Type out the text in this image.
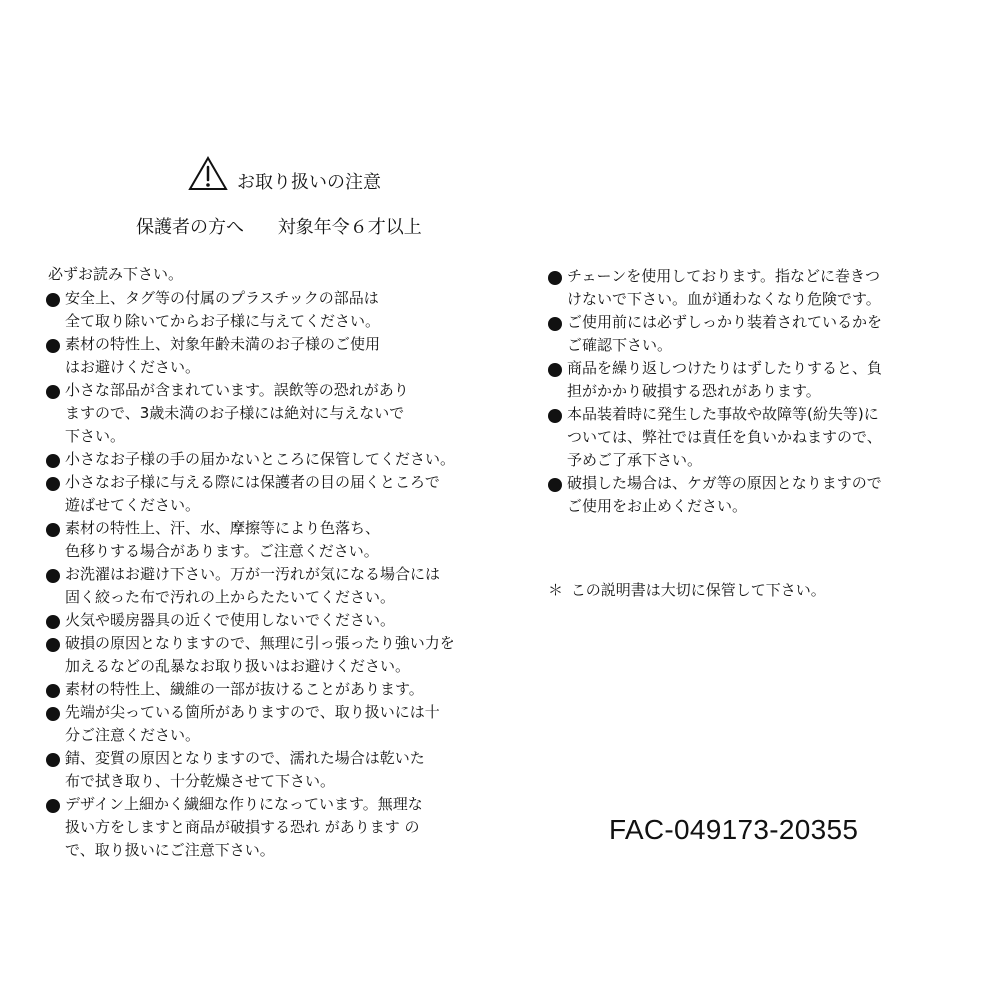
お取り扱いの注意
保護者の方へ 対象年令６才以上
必ずお読み下さい。
安全上、タグ等の付属のプラスチックの部品は
全て取り除いてからお子様に与えてください。
素材の特性上、対象年齢未満のお子様のご使用
はお避けください。
小さな部品が含まれています。誤飲等の恐れがあり
ますので、3歳未満のお子様には絶対に与えないで
下さい。
小さなお子様の手の届かないところに保管してください。
小さなお子様に与える際には保護者の目の届くところで
遊ばせてください。
素材の特性上、汗、水、摩擦等により色落ち、
色移りする場合があります。ご注意ください。
お洗濯はお避け下さい。万が一汚れが気になる場合には
固く絞った布で汚れの上からたたいてください。
火気や暖房器具の近くで使用しないでください。
破損の原因となりますので、無理に引っ張ったり強い力を
加えるなどの乱暴なお取り扱いはお避けください。
素材の特性上、繊維の一部が抜けることがあります。
先端が尖っている箇所がありますので、取り扱いには十
分ご注意ください。
錆、変質の原因となりますので、濡れた場合は乾いた
布で拭き取り、十分乾燥させて下さい。
デザイン上細かく繊細な作りになっています。無理な
扱い方をしますと商品が破損する恐れ があります の
で、取り扱いにご注意下さい。
チェーンを使用しております。指などに巻きつ
けないで下さい。血が通わなくなり危険です。
ご使用前には必ずしっかり装着されているかを
ご確認下さい。
商品を繰り返しつけたりはずしたりすると、負
担がかかり破損する恐れがあります。
本品装着時に発生した事故や故障等(紛失等)に
ついては、弊社では責任を負いかねますので、
予めご了承下さい。
破損した場合は、ケガ等の原因となりますので
ご使用をお止めください。
＊ この説明書は大切に保管して下さい。
FAC-049173-20355
